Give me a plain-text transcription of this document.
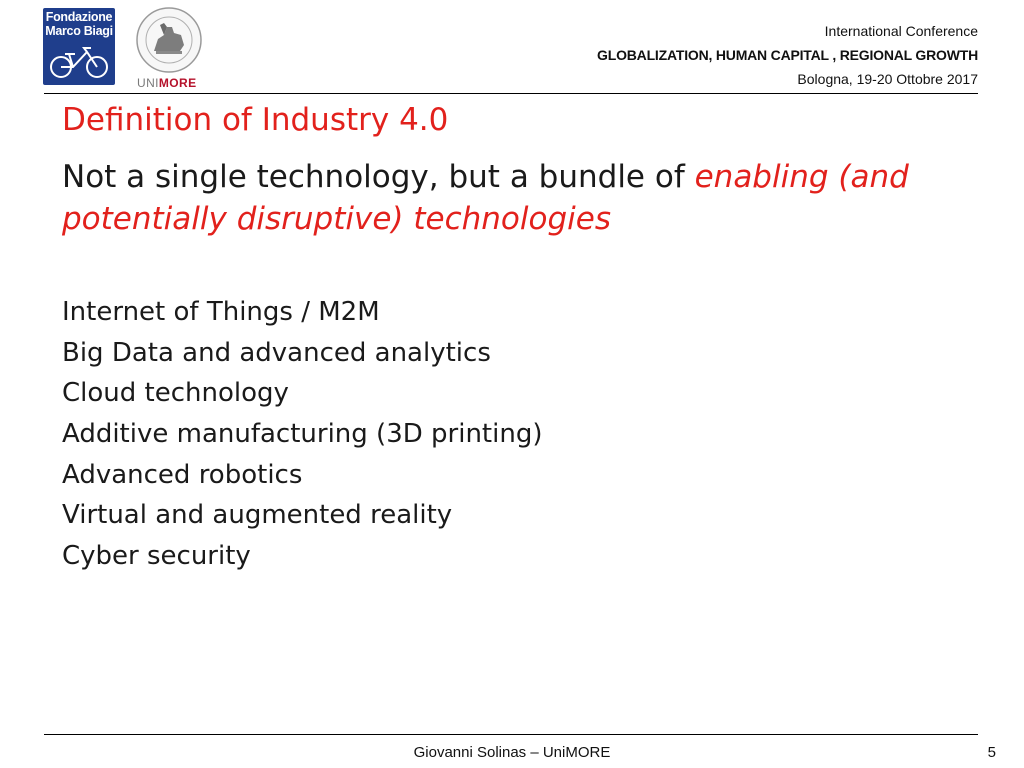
Fondazione
Marco Biagi
UNIMORE
International Conference
GLOBALIZATION, HUMAN CAPITAL , REGIONAL GROWTH
Bologna, 19-20 Ottobre 2017
Definition of Industry 4.0
Not a single technology, but a bundle of enabling (and potentially disruptive) technologies
Internet of Things / M2M
Big Data and advanced analytics
Cloud technology
Additive manufacturing (3D printing)
Advanced robotics
Virtual and augmented reality
Cyber security
Giovanni Solinas – UniMORE	5
